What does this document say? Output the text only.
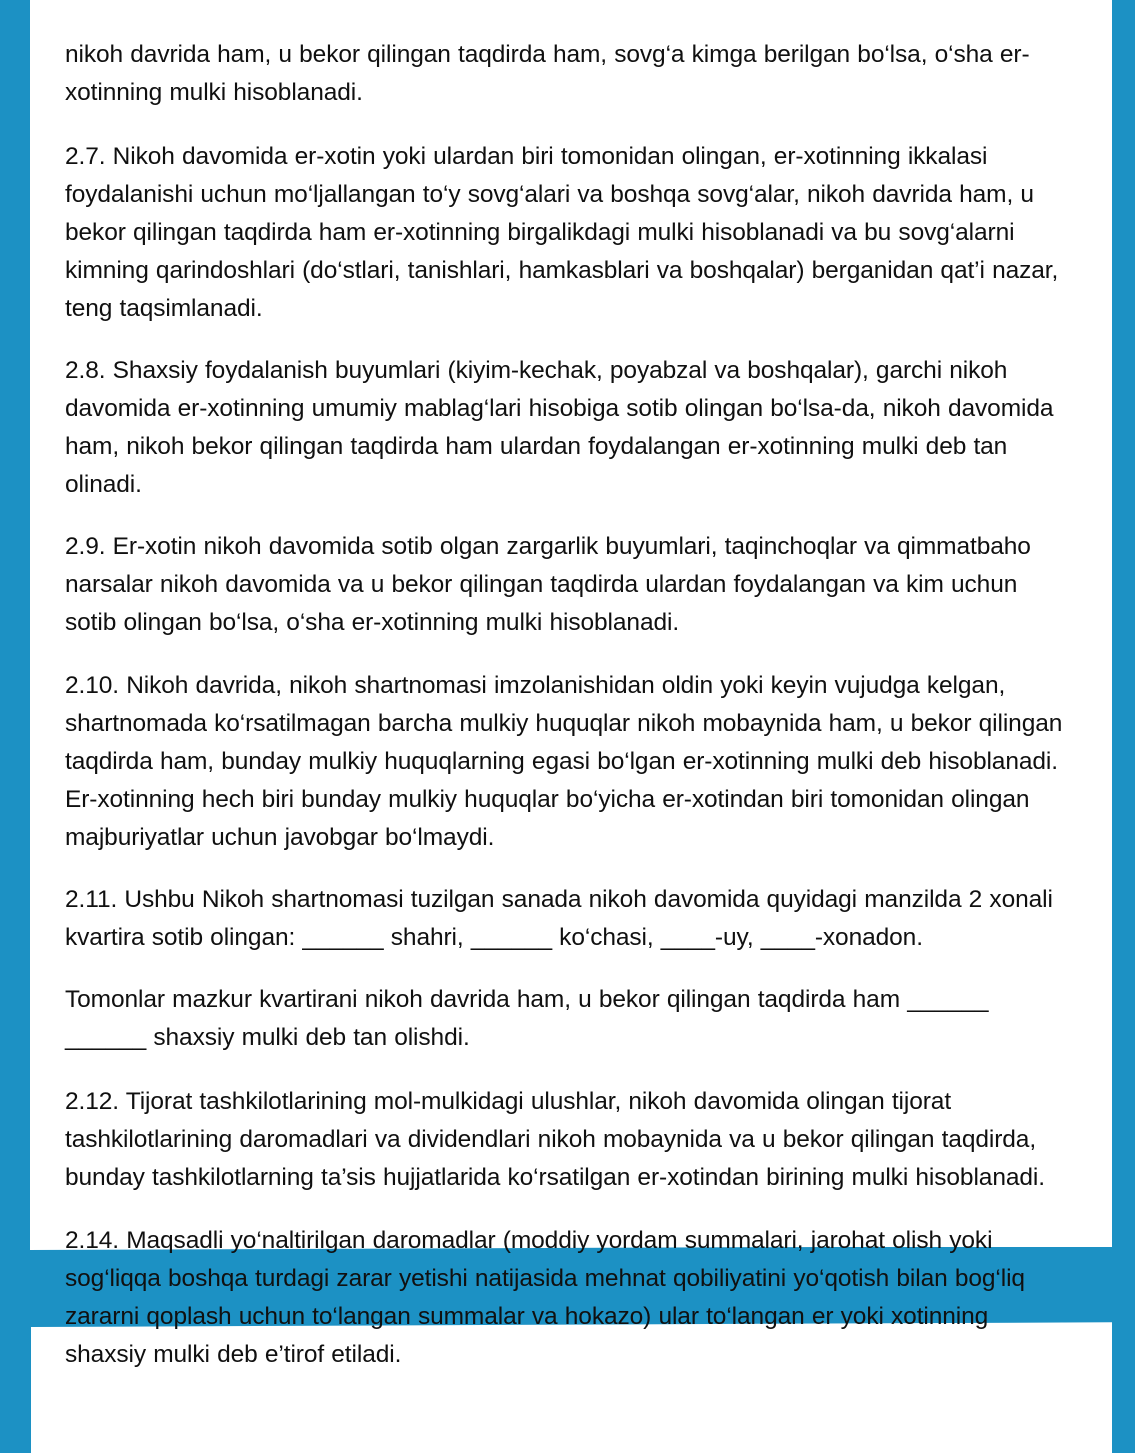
nikoh davrida ham, u bekor qilingan taqdirda ham, sovg‘a kimga berilgan bo‘lsa, o‘sha er-xotinning mulki hisoblanadi.

2.7. Nikoh davomida er-xotin yoki ulardan biri tomonidan olingan, er-xotinning ikkalasi foydalanishi uchun mo‘ljallangan to‘y sovg‘alari va boshqa sovg‘alar, nikoh davrida ham, u bekor qilingan taqdirda ham er-xotinning birgalikdagi mulki hisoblanadi va bu sovg‘alarni kimning qarindoshlari (do‘stlari, tanishlari, hamkasblari va boshqalar) berganidan qat’i nazar, teng taqsimlanadi.

2.8. Shaxsiy foydalanish buyumlari (kiyim-kechak, poyabzal va boshqalar), garchi nikoh davomida er-xotinning umumiy mablag‘lari hisobiga sotib olingan bo‘lsa-da, nikoh davomida ham, nikoh bekor qilingan taqdirda ham ulardan foydalangan er-xotinning mulki deb tan olinadi.

2.9. Er-xotin nikoh davomida sotib olgan zargarlik buyumlari, taqinchoqlar va qimmatbaho narsalar nikoh davomida va u bekor qilingan taqdirda ulardan foydalangan va kim uchun sotib olingan bo‘lsa, o‘sha er-xotinning mulki hisoblanadi.

2.10. Nikoh davrida, nikoh shartnomasi imzolanishidan oldin yoki keyin vujudga kelgan, shartnomada ko‘rsatilmagan barcha mulkiy huquqlar nikoh mobaynida ham, u bekor qilingan taqdirda ham, bunday mulkiy huquqlarning egasi bo‘lgan er-xotinning mulki deb hisoblanadi. Er-xotinning hech biri bunday mulkiy huquqlar bo‘yicha er-xotindan biri tomonidan olingan majburiyatlar uchun javobgar bo‘lmaydi.

2.11. Ushbu Nikoh shartnomasi tuzilgan sanada nikoh davomida quyidagi manzilda 2 xonali kvartira sotib olingan: ______ shahri, ______ ko‘chasi, ____-uy, ____-xonadon.

Tomonlar mazkur kvartirani nikoh davrida ham, u bekor qilingan taqdirda ham ______ ______ shaxsiy mulki deb tan olishdi.

2.12. Tijorat tashkilotlarining mol-mulkidagi ulushlar, nikoh davomida olingan tijorat tashkilotlarining daromadlari va dividendlari nikoh mobaynida va u bekor qilingan taqdirda, bunday tashkilotlarning ta’sis hujjatlarida ko‘rsatilgan er-xotindan birining mulki hisoblanadi.

2.14. Maqsadli yo‘naltirilgan daromadlar (moddiy yordam summalari, jarohat olish yoki sog‘liqqa boshqa turdagi zarar yetishi natijasida mehnat qobiliyatini yo‘qotish bilan bog‘liq zararni qoplash uchun to‘langan summalar va hokazo) ular to‘langan er yoki xotinning shaxsiy mulki deb e’tirof etiladi.
